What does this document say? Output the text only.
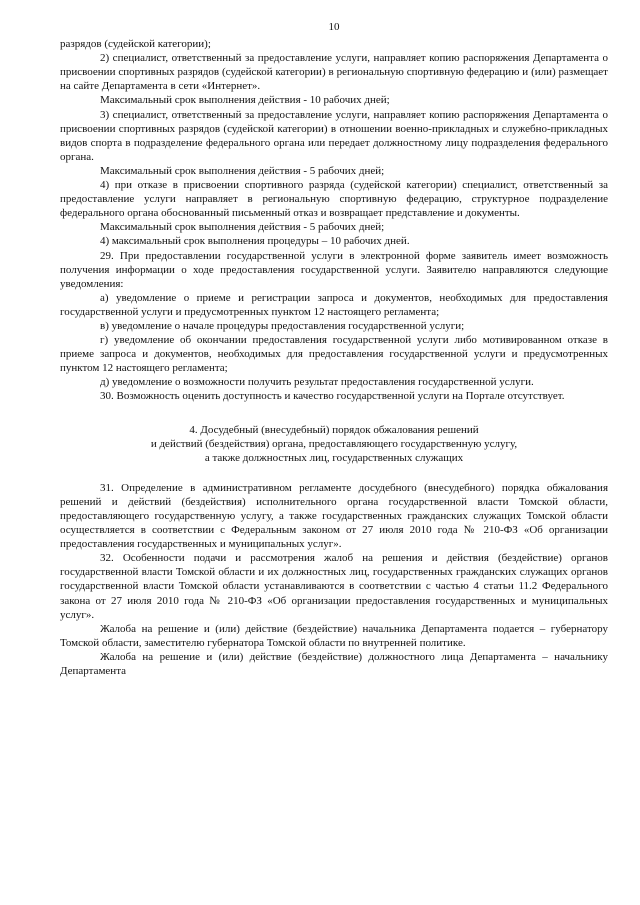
10

разрядов (судейской категории);

2) специалист, ответственный за предоставление услуги, направляет копию распоряжения Департамента о присвоении спортивных разрядов (судейской категории) в региональную спортивную федерацию и (или) размещает на сайте Департамента в сети «Интернет».

Максимальный срок выполнения действия - 10 рабочих дней;

3) специалист, ответственный за предоставление услуги, направляет копию распоряжения Департамента о присвоении спортивных разрядов (судейской категории) в отношении военно-прикладных и служебно-прикладных видов спорта в подразделение федерального органа или передает должностному лицу подразделения федерального органа.

Максимальный срок выполнения действия - 5 рабочих дней;

4) при отказе в присвоении спортивного разряда (судейской категории) специалист, ответственный за предоставление услуги направляет в региональную спортивную федерацию, структурное подразделение федерального органа обоснованный письменный отказ и возвращает представление и документы.

Максимальный срок выполнения действия - 5 рабочих дней;

4) максимальный срок выполнения процедуры – 10 рабочих дней.

29. При предоставлении государственной услуги в электронной форме заявитель имеет возможность получения информации о ходе предоставления государственной услуги. Заявителю направляются следующие уведомления:

а) уведомление о приеме и регистрации запроса и документов, необходимых для предоставления государственной услуги и предусмотренных пунктом 12 настоящего регламента;

в) уведомление о начале процедуры предоставления государственной услуги;

г) уведомление об окончании предоставления государственной услуги либо мотивированном отказе в приеме запроса и документов, необходимых для предоставления государственной услуги и предусмотренных пунктом 12 настоящего регламента;

д) уведомление о возможности получить результат предоставления государственной услуги.

30. Возможность оценить доступность и качество государственной услуги на Портале отсутствует.

4. Досудебный (внесудебный) порядок обжалования решений

и действий (бездействия) органа, предоставляющего государственную услугу,

а также должностных лиц, государственных служащих

31. Определение в административном регламенте досудебного (внесудебного) порядка обжалования решений и действий (бездействия) исполнительного органа государственной власти Томской области, предоставляющего государственную услугу, а также государственных гражданских служащих Томской области осуществляется в соответствии с Федеральным законом от 27 июля 2010 года № 210-ФЗ «Об организации предоставления государственных и муниципальных услуг».

32. Особенности подачи и рассмотрения жалоб на решения и действия (бездействие) органов государственной власти Томской области и их должностных лиц, государственных гражданских служащих органов государственной власти Томской области устанавливаются в соответствии с частью 4 статьи 11.2 Федерального закона от 27 июля 2010 года № 210-ФЗ «Об организации предоставления государственных и муниципальных услуг».

Жалоба на решение и (или) действие (бездействие) начальника Департамента подается – губернатору Томской области, заместителю губернатора Томской области по внутренней политике.

Жалоба на решение и (или) действие (бездействие) должностного лица Департамента – начальнику Департамента
